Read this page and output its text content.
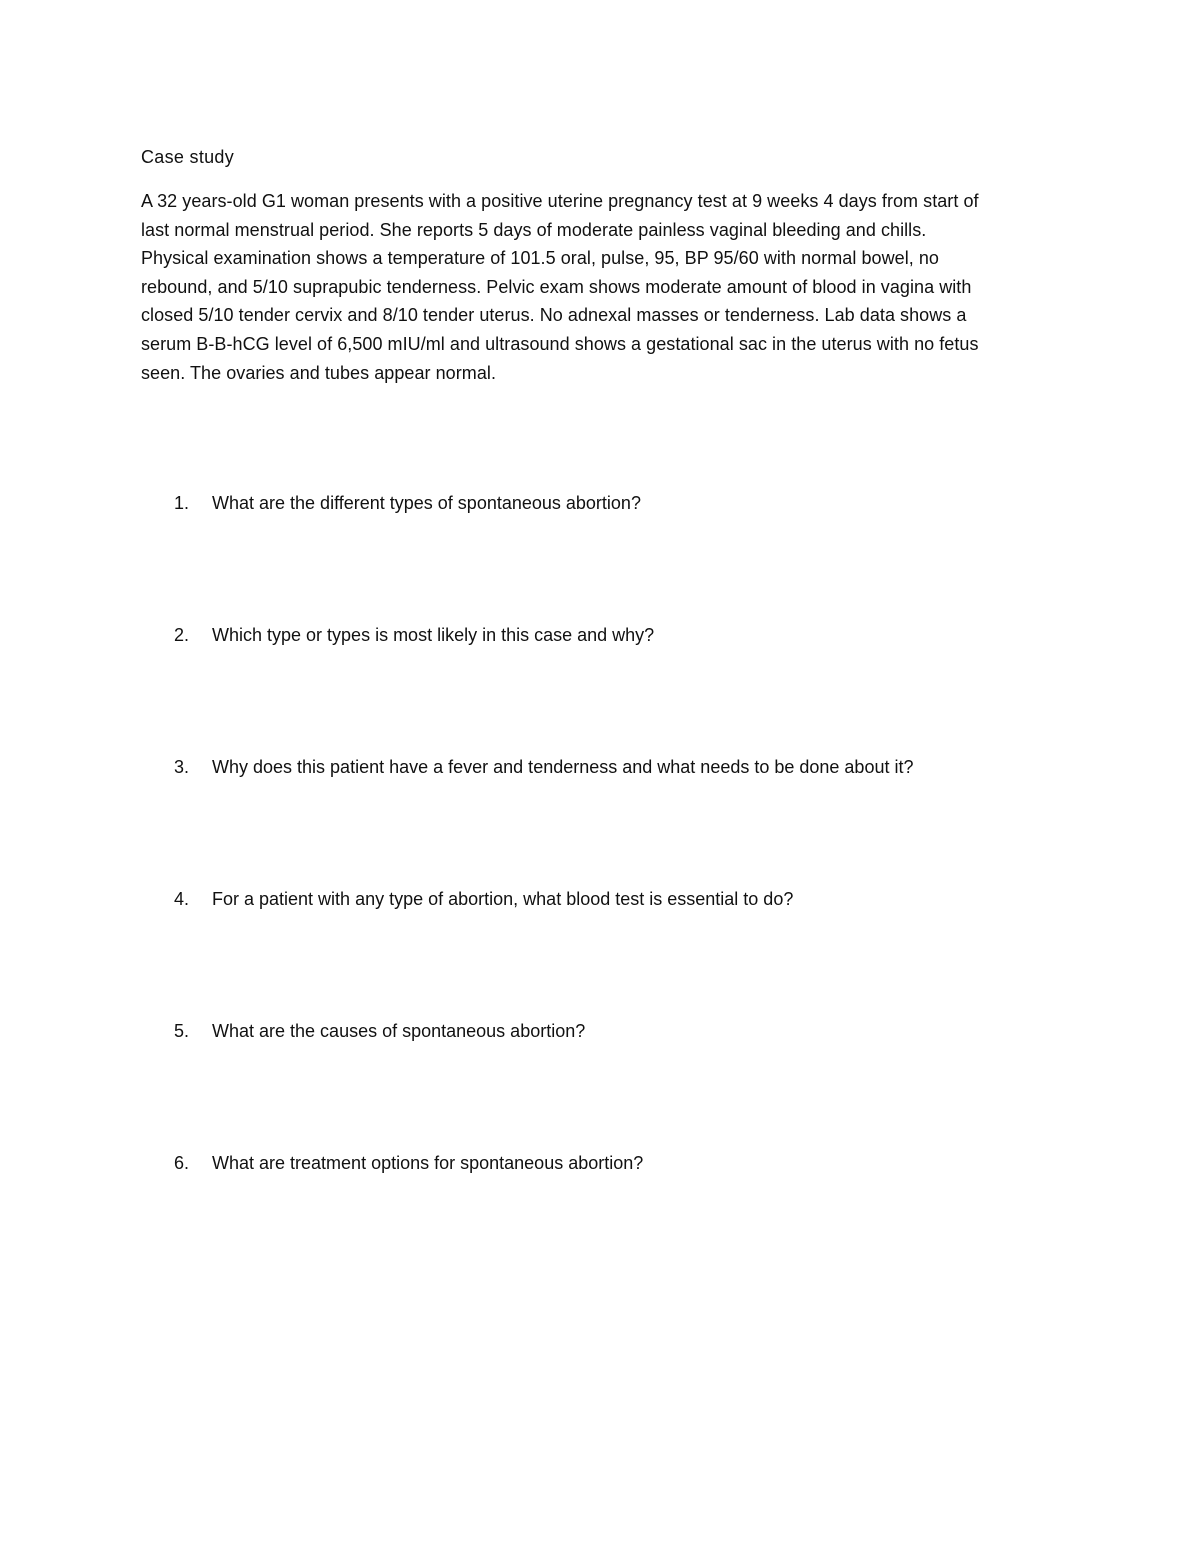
Case study
A 32 years-old G1 woman presents with a positive uterine pregnancy test at 9 weeks 4 days from start of
last normal menstrual period. She reports 5 days of moderate painless vaginal bleeding and chills.
Physical examination shows a temperature of 101.5 oral, pulse, 95, BP 95/60 with normal bowel, no
rebound, and 5/10 suprapubic tenderness. Pelvic exam shows moderate amount of blood in vagina with
closed 5/10 tender cervix and 8/10 tender uterus. No adnexal masses or tenderness. Lab data shows a
serum B-B-hCG level of 6,500 mIU/ml and ultrasound shows a gestational sac in the uterus with no fetus
seen. The ovaries and tubes appear normal.
1. What are the different types of spontaneous abortion?
2. Which type or types is most likely in this case and why?
3. Why does this patient have a fever and tenderness and what needs to be done about it?
4. For a patient with any type of abortion, what blood test is essential to do?
5. What are the causes of spontaneous abortion?
6. What are treatment options for spontaneous abortion?
